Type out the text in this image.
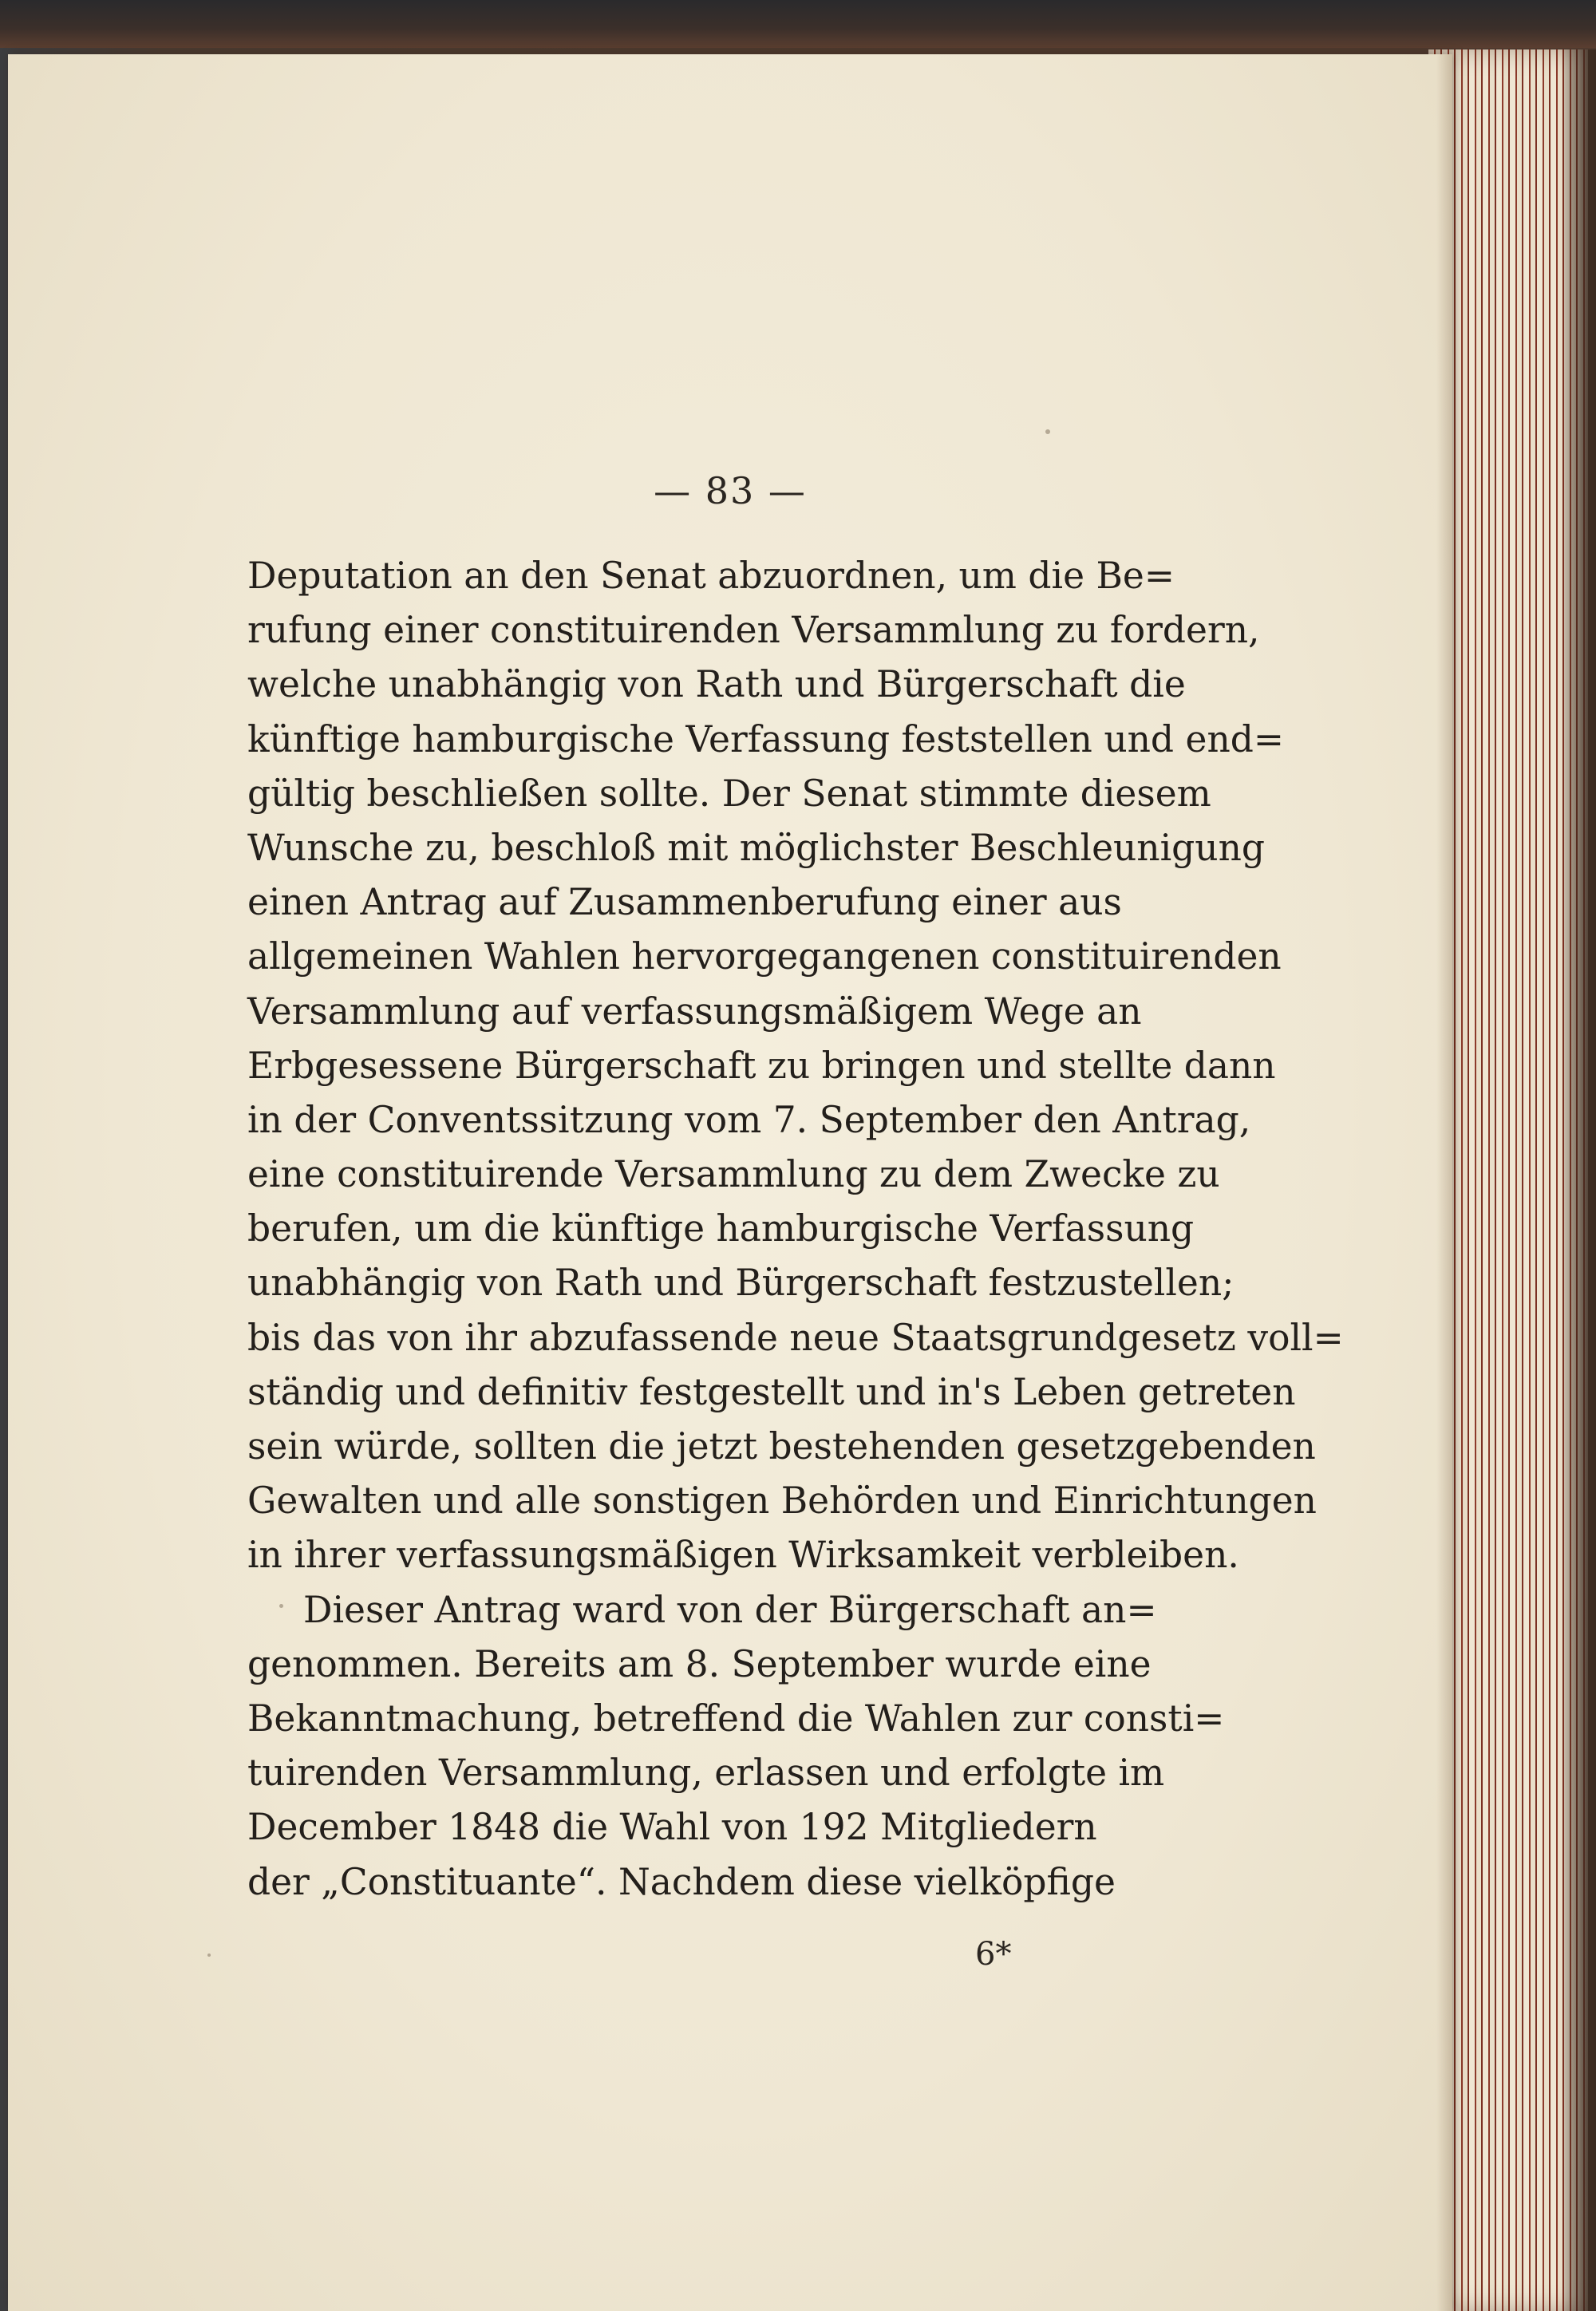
— 83 —
Deputation an den Senat abzuordnen, um die Be=
rufung einer constituirenden Versammlung zu fordern,
welche unabhängig von Rath und Bürgerschaft die
künftige hamburgische Verfassung feststellen und end=
gültig beschließen sollte. Der Senat stimmte diesem
Wunsche zu, beschloß mit möglichster Beschleunigung
einen Antrag auf Zusammenberufung einer aus
allgemeinen Wahlen hervorgegangenen constituirenden
Versammlung auf verfassungsmäßigem Wege an
Erbgesessene Bürgerschaft zu bringen und stellte dann
in der Conventssitzung vom 7. September den Antrag,
eine constituirende Versammlung zu dem Zwecke zu
berufen, um die künftige hamburgische Verfassung
unabhängig von Rath und Bürgerschaft festzustellen;
bis das von ihr abzufassende neue Staatsgrundgesetz voll=
ständig und definitiv festgestellt und in's Leben getreten
sein würde, sollten die jetzt bestehenden gesetzgebenden
Gewalten und alle sonstigen Behörden und Einrichtungen
in ihrer verfassungsmäßigen Wirksamkeit verbleiben.
Dieser Antrag ward von der Bürgerschaft an=
genommen. Bereits am 8. September wurde eine
Bekanntmachung, betreffend die Wahlen zur consti=
tuirenden Versammlung, erlassen und erfolgte im
December 1848 die Wahl von 192 Mitgliedern
der „Constituante“. Nachdem diese vielköpfige
6*
